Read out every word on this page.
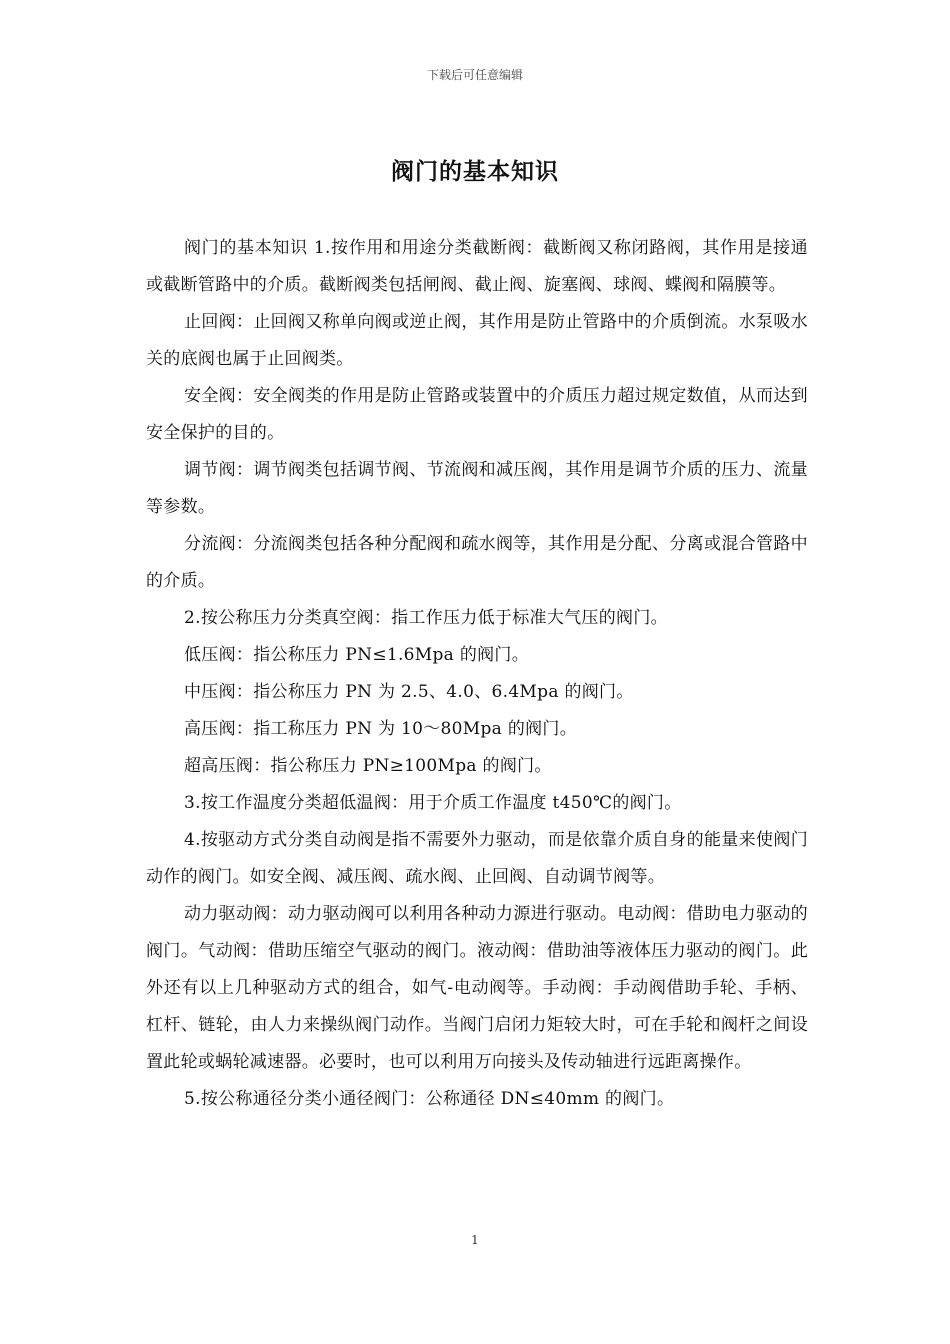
下载后可任意编辑
阀门的基本知识

阀门的基本知识 1.按作用和用途分类截断阀：截断阀又称闭路阀，其作用是接通或截断管路中的介质。截断阀类包括闸阀、截止阀、旋塞阀、球阀、蝶阀和隔膜等。

止回阀：止回阀又称单向阀或逆止阀，其作用是防止管路中的介质倒流。水泵吸水关的底阀也属于止回阀类。

安全阀：安全阀类的作用是防止管路或装置中的介质压力超过规定数值，从而达到安全保护的目的。

调节阀：调节阀类包括调节阀、节流阀和减压阀，其作用是调节介质的压力、流量等参数。

分流阀：分流阀类包括各种分配阀和疏水阀等，其作用是分配、分离或混合管路中的介质。

2.按公称压力分类真空阀：指工作压力低于标准大气压的阀门。

低压阀：指公称压力 PN≤1.6Mpa 的阀门。

中压阀：指公称压力 PN 为 2.5、4.0、6.4Mpa 的阀门。

高压阀：指工称压力 PN 为 10～80Mpa 的阀门。

超高压阀：指公称压力 PN≥100Mpa 的阀门。

3.按工作温度分类超低温阀：用于介质工作温度 t450℃的阀门。

4.按驱动方式分类自动阀是指不需要外力驱动，而是依靠介质自身的能量来使阀门动作的阀门。如安全阀、减压阀、疏水阀、止回阀、自动调节阀等。

动力驱动阀：动力驱动阀可以利用各种动力源进行驱动。电动阀：借助电力驱动的阀门。气动阀：借助压缩空气驱动的阀门。液动阀：借助油等液体压力驱动的阀门。此外还有以上几种驱动方式的组合，如气-电动阀等。手动阀：手动阀借助手轮、手柄、杠杆、链轮，由人力来操纵阀门动作。当阀门启闭力矩较大时，可在手轮和阀杆之间设置此轮或蜗轮减速器。必要时，也可以利用万向接头及传动轴进行远距离操作。

5.按公称通径分类小通径阀门：公称通径 DN≤40mm 的阀门。

1
